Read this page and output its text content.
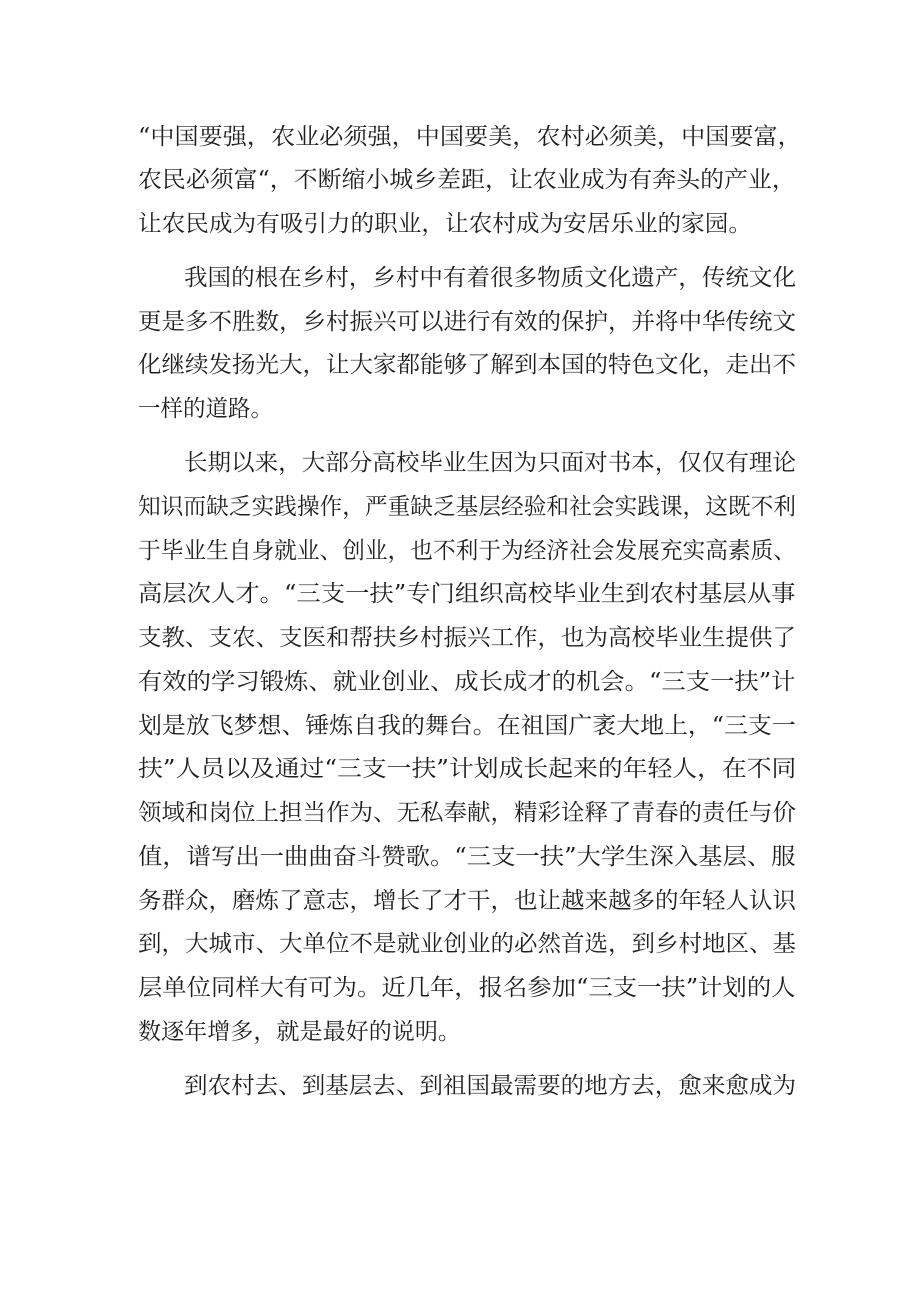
“中国要强，农业必须强，中国要美，农村必须美，中国要富，

农民必须富“，不断缩小城乡差距，让农业成为有奔头的产业，

让农民成为有吸引力的职业，让农村成为安居乐业的家园。

我国的根在乡村，乡村中有着很多物质文化遗产，传统文化

更是多不胜数，乡村振兴可以进行有效的保护，并将中华传统文

化继续发扬光大，让大家都能够了解到本国的特色文化，走出不

一样的道路。

长期以来，大部分高校毕业生因为只面对书本，仅仅有理论

知识而缺乏实践操作，严重缺乏基层经验和社会实践课，这既不利

于毕业生自身就业、创业，也不利于为经济社会发展充实高素质、

高层次人才。“三支一扶”专门组织高校毕业生到农村基层从事

支教、支农、支医和帮扶乡村振兴工作，也为高校毕业生提供了

有效的学习锻炼、就业创业、成长成才的机会。“三支一扶”计

划是放飞梦想、锤炼自我的舞台。在祖国广袤大地上，“三支一

扶”人员以及通过“三支一扶”计划成长起来的年轻人，在不同

领域和岗位上担当作为、无私奉献，精彩诠释了青春的责任与价

值，谱写出一曲曲奋斗赞歌。“三支一扶”大学生深入基层、服

务群众，磨炼了意志，增长了才干，也让越来越多的年轻人认识

到，大城市、大单位不是就业创业的必然首选，到乡村地区、基

层单位同样大有可为。近几年，报名参加“三支一扶”计划的人

数逐年增多，就是最好的说明。

到农村去、到基层去、到祖国最需要的地方去，愈来愈成为
